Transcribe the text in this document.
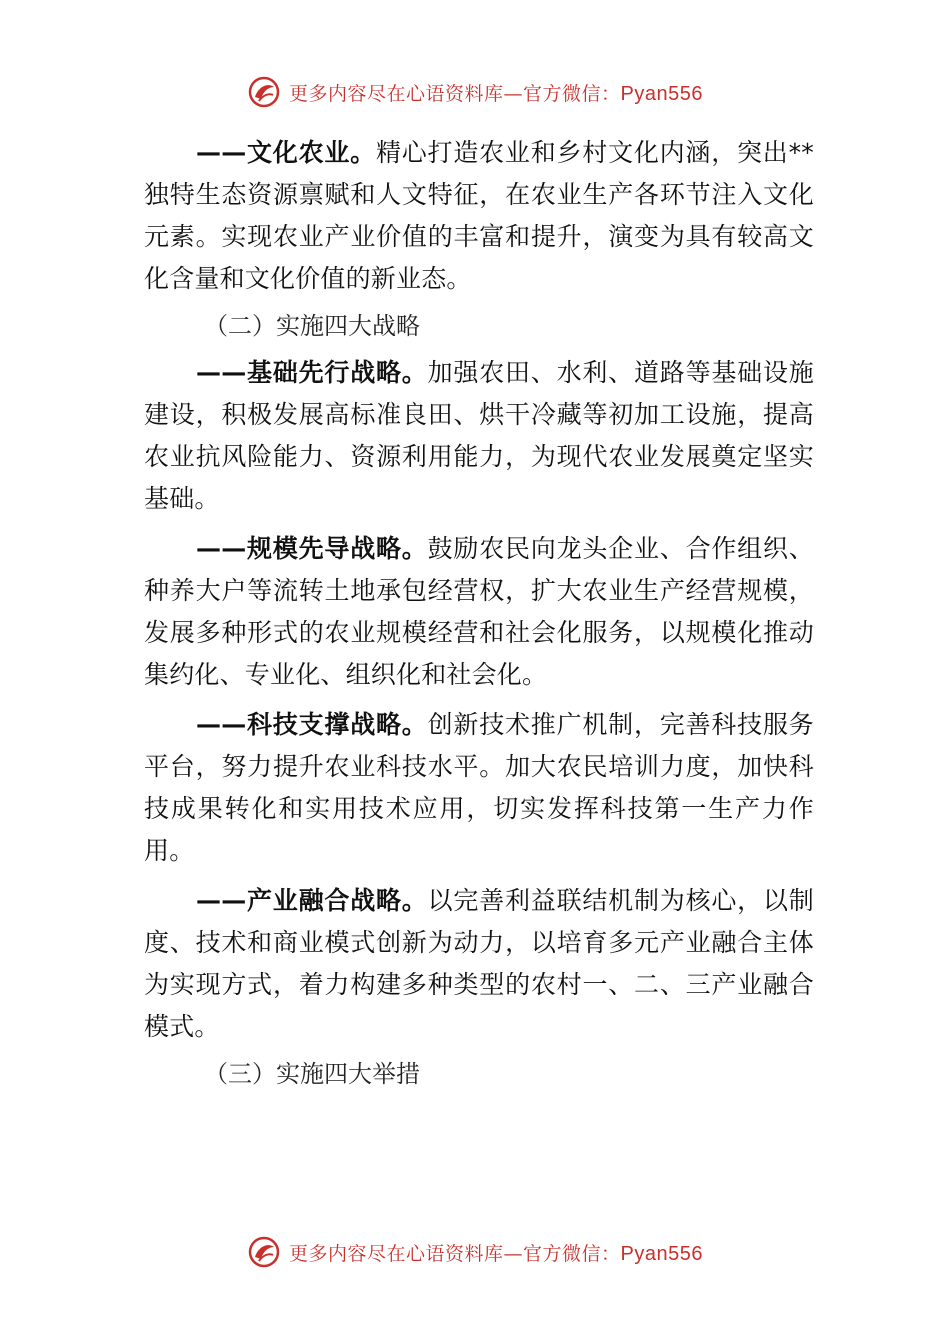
更多内容尽在心语资料库—官方微信：Pyan556

——文化农业。精心打造农业和乡村文化内涵，突出**独特生态资源禀赋和人文特征，在农业生产各环节注入文化元素。实现农业产业价值的丰富和提升，演变为具有较高文化含量和文化价值的新业态。

（二）实施四大战略

——基础先行战略。加强农田、水利、道路等基础设施建设，积极发展高标准良田、烘干冷藏等初加工设施，提高农业抗风险能力、资源利用能力，为现代农业发展奠定坚实基础。

——规模先导战略。鼓励农民向龙头企业、合作组织、种养大户等流转土地承包经营权，扩大农业生产经营规模， 发展多种形式的农业规模经营和社会化服务，以规模化推动集约化、专业化、组织化和社会化。

——科技支撑战略。创新技术推广机制，完善科技服务平台，努力提升农业科技水平。加大农民培训力度，加快科技成果转化和实用技术应用，切实发挥科技第一生产力作用。

——产业融合战略。以完善利益联结机制为核心，以制度、技术和商业模式创新为动力，以培育多元产业融合主体为实现方式，着力构建多种类型的农村一、二、三产业融合模式。

（三）实施四大举措

更多内容尽在心语资料库—官方微信：Pyan556
